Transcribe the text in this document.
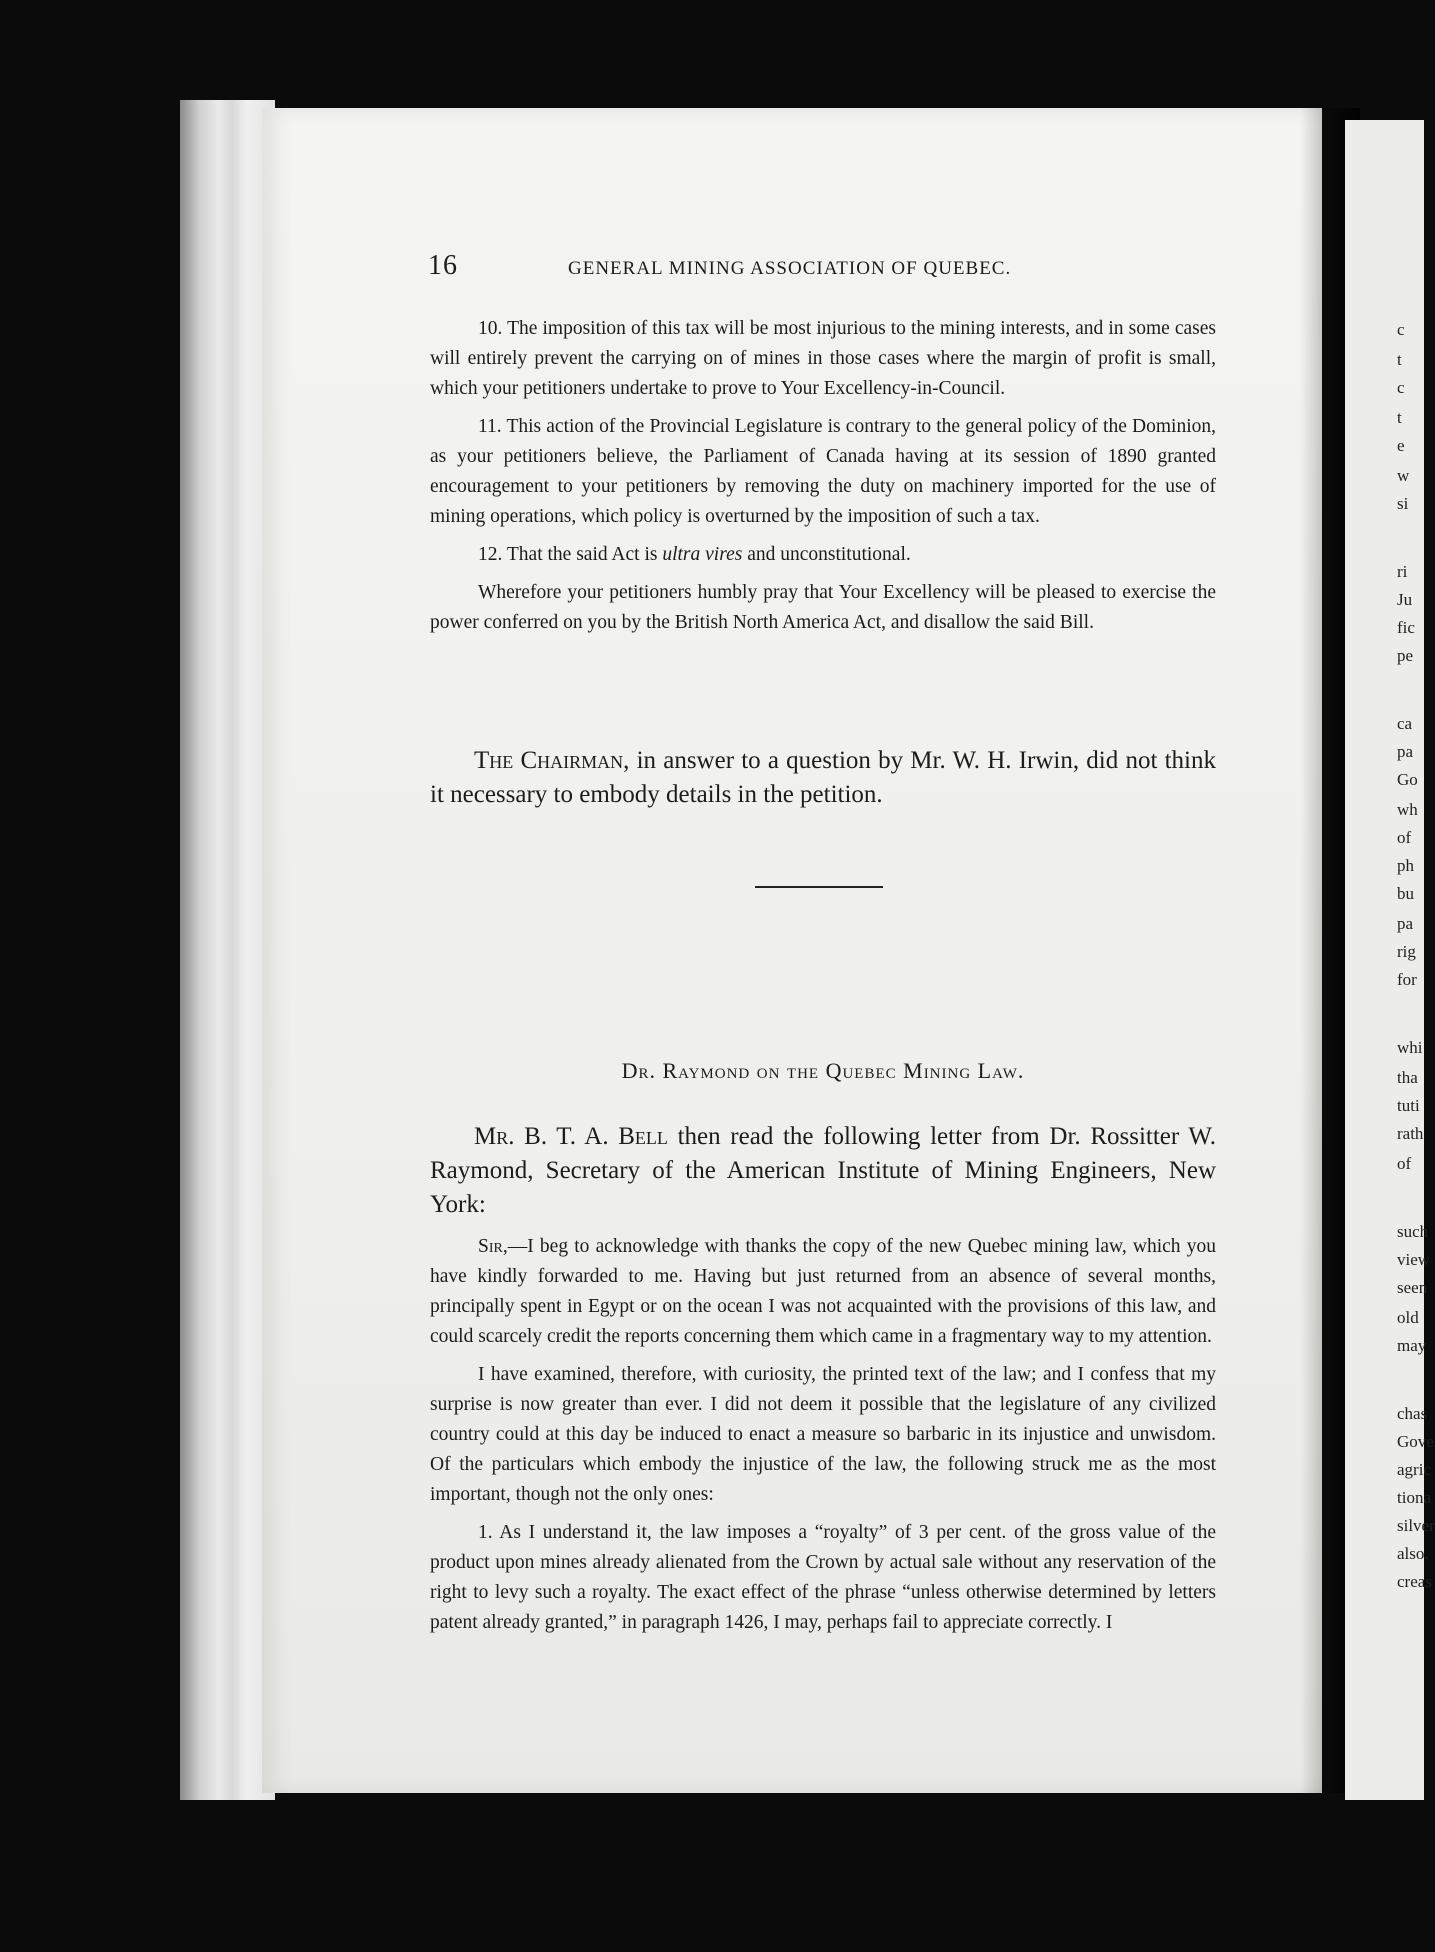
c
t
c
t
e
w
si
ri
Ju
fic
pe
ca
pa
Go
wh
of
ph
bu
pa
rig
for
whi
tha
tuti
rath
of
such
view
seen
old
may
chas
Gove
agric
tiona
silver
also.
creas
16	GENERAL MINING ASSOCIATION OF QUEBEC.

10. The imposition of this tax will be most injurious to the mining interests, and in some cases will entirely prevent the carrying on of mines in those cases where the margin of profit is small, which your petitioners undertake to prove to Your Excellency-in-Council.

11. This action of the Provincial Legislature is contrary to the general policy of the Dominion, as your petitioners believe, the Parliament of Canada having at its session of 1890 granted encouragement to your petitioners by removing the duty on machinery imported for the use of mining operations, which policy is overturned by the imposition of such a tax.

12. That the said Act is ultra vires and unconstitutional.

Wherefore your petitioners humbly pray that Your Excellency will be pleased to exercise the power conferred on you by the British North America Act, and disallow the said Bill.

The Chairman, in answer to a question by Mr. W. H. Irwin, did not think it necessary to embody details in the petition.

Dr. Raymond on the Quebec Mining Law.

Mr. B. T. A. Bell then read the following letter from Dr. Rossitter W. Raymond, Secretary of the American Institute of Mining Engineers, New York:

Sir,—I beg to acknowledge with thanks the copy of the new Quebec mining law, which you have kindly forwarded to me. Having but just returned from an absence of several months, principally spent in Egypt or on the ocean I was not acquainted with the provisions of this law, and could scarcely credit the reports concerning them which came in a fragmentary way to my attention.

I have examined, therefore, with curiosity, the printed text of the law; and I confess that my surprise is now greater than ever. I did not deem it possible that the legislature of any civilized country could at this day be induced to enact a measure so barbaric in its injustice and unwisdom. Of the particulars which embody the injustice of the law, the following struck me as the most important, though not the only ones:

1. As I understand it, the law imposes a “royalty” of 3 per cent. of the gross value of the product upon mines already alienated from the Crown by actual sale without any reservation of the right to levy such a royalty. The exact effect of the phrase “unless otherwise determined by letters patent already granted,” in paragraph 1426, I may, perhaps fail to appreciate correctly. I
